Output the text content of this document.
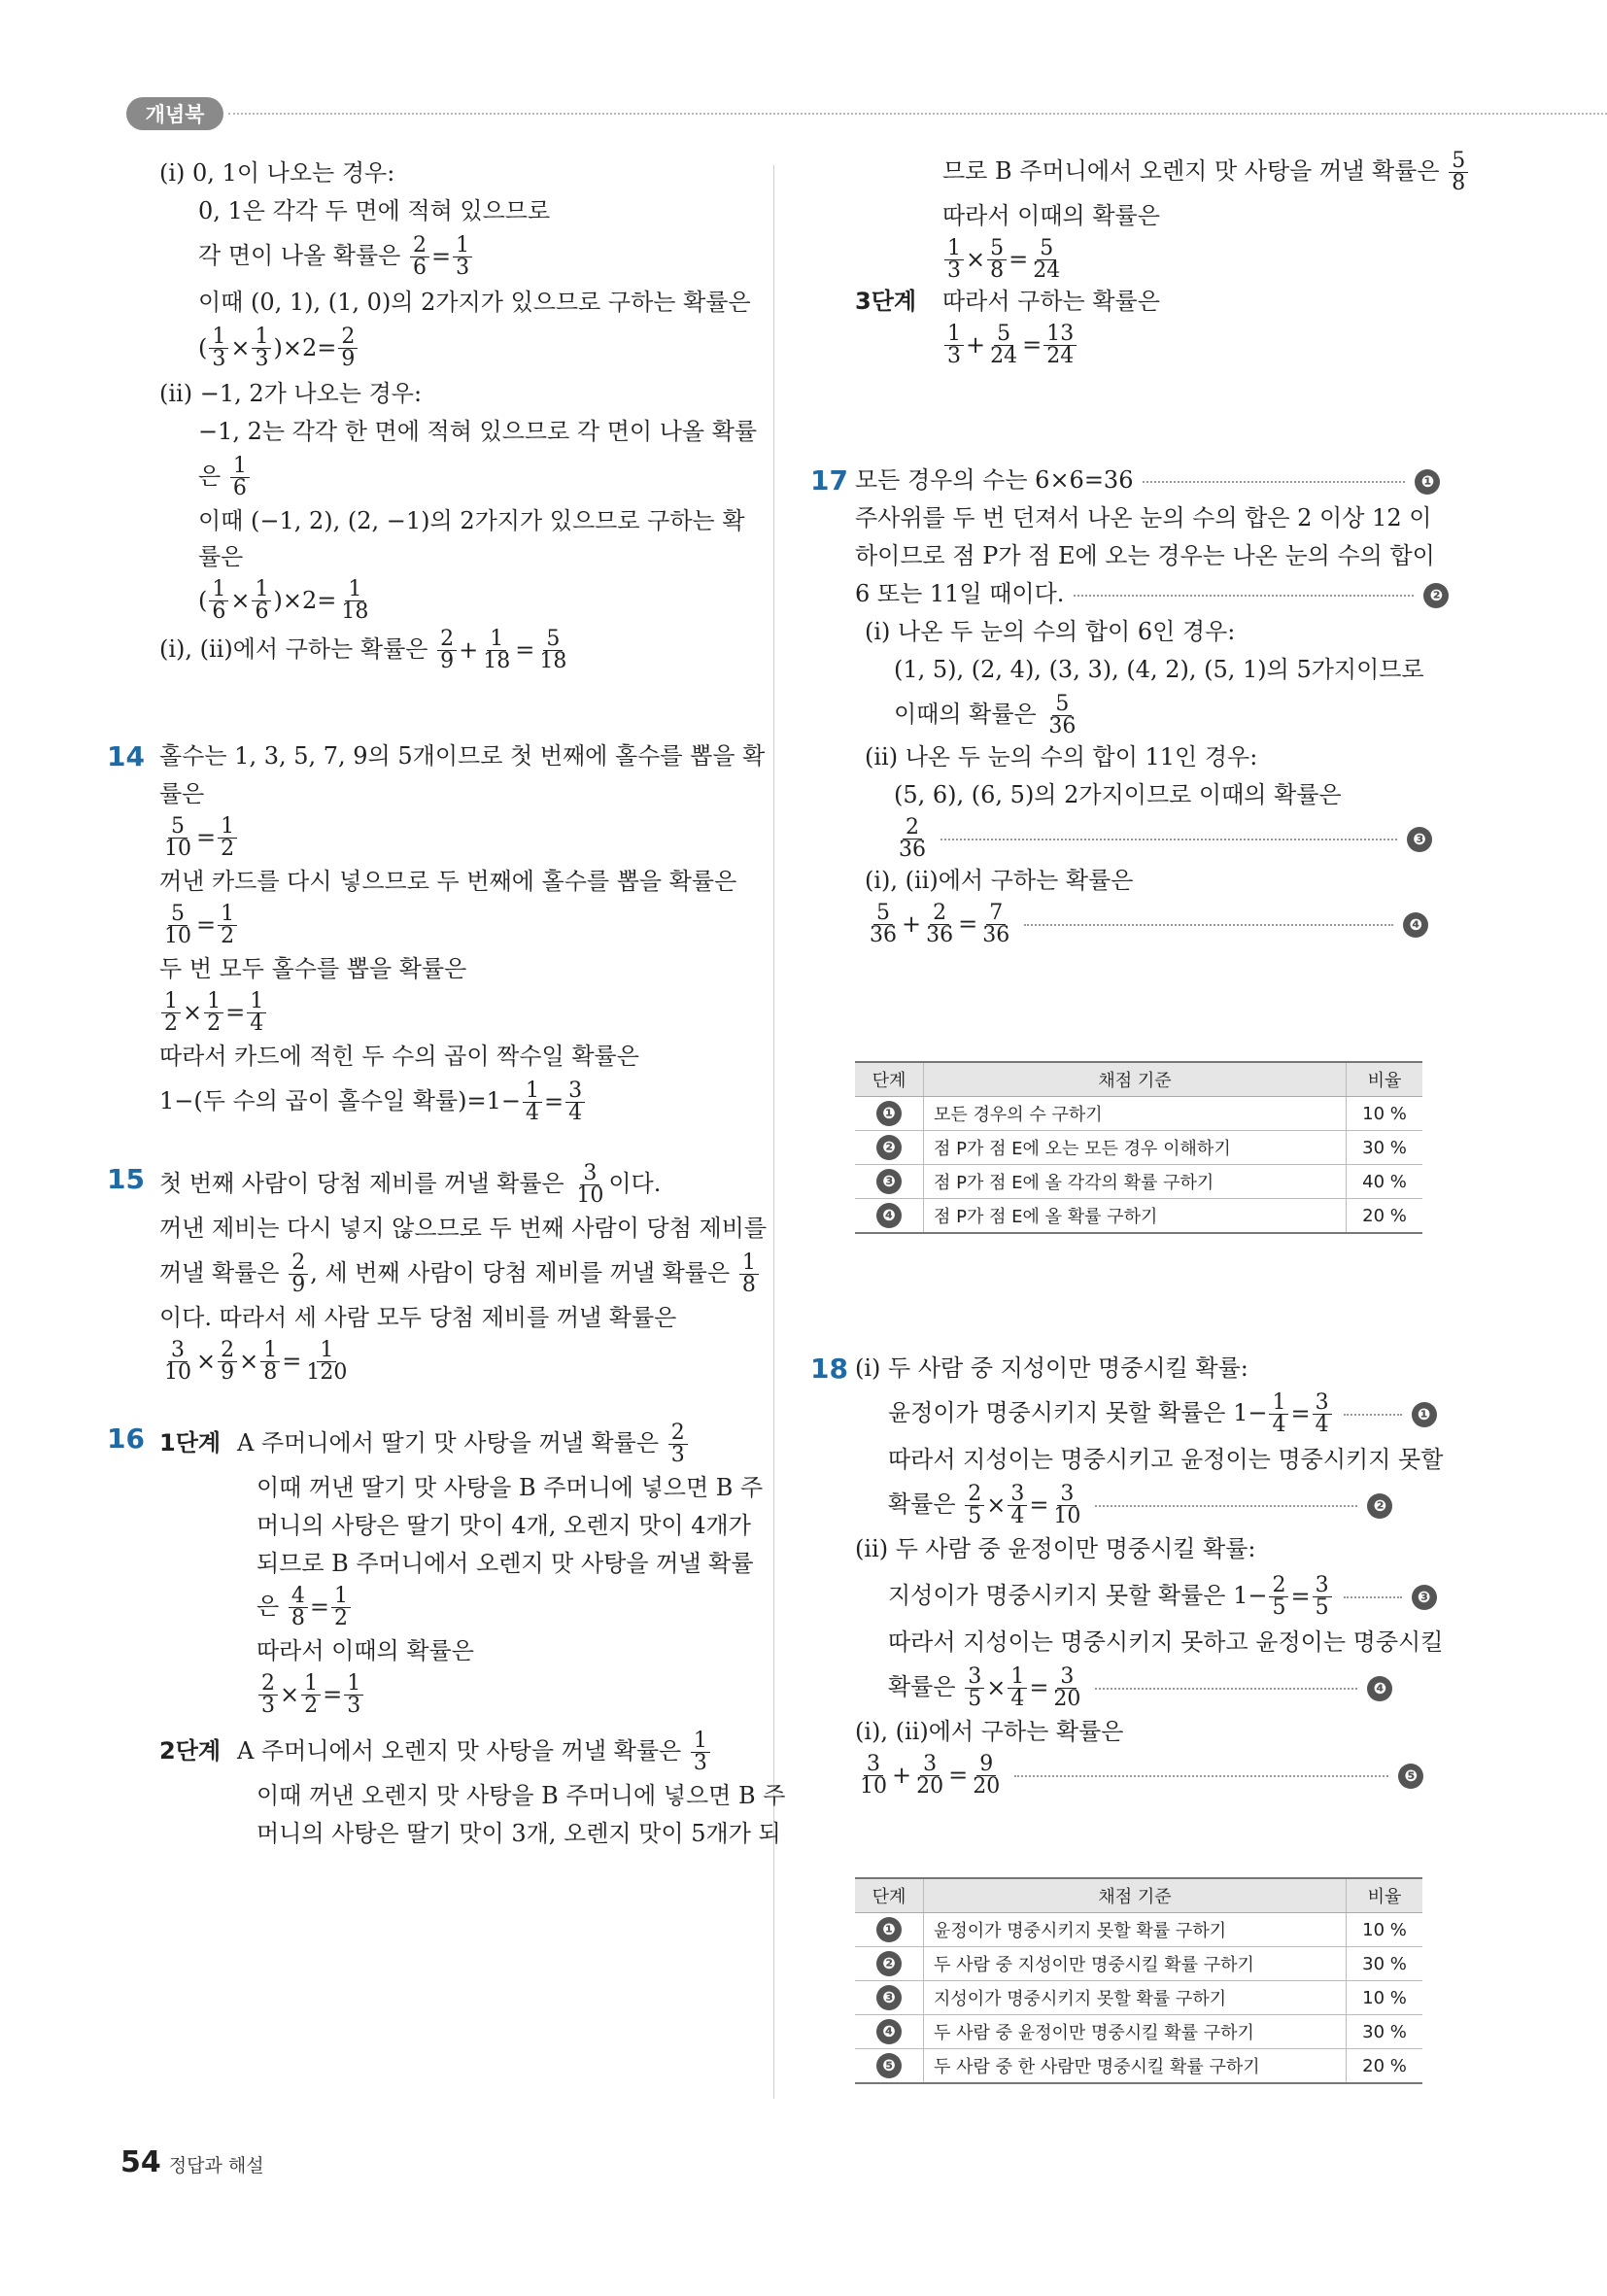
개념북
(ⅰ) 0, 1이 나오는 경우:
0, 1은 각각 두 면에 적혀 있으므로
각 면이 나올 확률은 $\frac{2}{6} = \frac{1}{3}$
이때 (0, 1), (1, 0)의 2가지가 있으므로 구하는 확률은
( $\frac{1}{3} \times \frac{1}{3} )\times 2= \frac{2}{9}$
(ⅱ) −1, 2가 나오는 경우:
−1, 2는 각각 한 면에 적혀 있으므로 각 면이 나올 확률
은 $\frac{1}{6}$
이때 (−1, 2), (2, −1)의 2가지가 있으므로 구하는 확
률은
( $\frac{1}{6} \times \frac{1}{6} )\times 2= \frac{1}{18}$
(ⅰ), (ⅱ)에서 구하는 확률은 $\frac{2}{9} + \frac{1}{18} = \frac{5}{18}$
14 홀수는 1, 3, 5, 7, 9의 5개이므로 첫 번째에 홀수를 뽑을 확
률은
$\frac{5}{10} = \frac{1}{2}$
꺼낸 카드를 다시 넣으므로 두 번째에 홀수를 뽑을 확률은
$\frac{5}{10} = \frac{1}{2}$
두 번 모두 홀수를 뽑을 확률은
$\frac{1}{2} \times \frac{1}{2} = \frac{1}{4}$
따라서 카드에 적힌 두 수의 곱이 짝수일 확률은
1−(두 수의 곱이 홀수일 확률)$=1- \frac{1}{4} = \frac{3}{4}$
15 첫 번째 사람이 당첨 제비를 꺼낼 확률은 $\frac{3}{10}$ 이다.
꺼낸 제비는 다시 넣지 않으므로 두 번째 사람이 당첨 제비를
꺼낼 확률은 $\frac{2}{9}$ , 세 번째 사람이 당첨 제비를 꺼낼 확률은 $\frac{1}{8}$
이다. 따라서 세 사람 모두 당첨 제비를 꺼낼 확률은
$\frac{3}{10} \times \frac{2}{9} \times \frac{1}{8} = \frac{1}{120}$
16 1단계 A 주머니에서 딸기 맛 사탕을 꺼낼 확률은 $\frac{2}{3}$
이때 꺼낸 딸기 맛 사탕을 B 주머니에 넣으면 B 주
머니의 사탕은 딸기 맛이 4개, 오렌지 맛이 4개가
되므로 B 주머니에서 오렌지 맛 사탕을 꺼낼 확률
은 $\frac{4}{8} = \frac{1}{2}$
따라서 이때의 확률은
$\frac{2}{3} \times \frac{1}{2} = \frac{1}{3}$
2단계 A 주머니에서 오렌지 맛 사탕을 꺼낼 확률은 $\frac{1}{3}$
이때 꺼낸 오렌지 맛 사탕을 B 주머니에 넣으면 B 주
머니의 사탕은 딸기 맛이 3개, 오렌지 맛이 5개가 되
므로 B 주머니에서 오렌지 맛 사탕을 꺼낼 확률은 $\frac{5}{8}$
따라서 이때의 확률은
$\frac{1}{3} \times \frac{5}{8} = \frac{5}{24}$
3단계 따라서 구하는 확률은
$\frac{1}{3} + \frac{5}{24} = \frac{13}{24}$
17 모든 경우의 수는 6×6=36	❶
주사위를 두 번 던져서 나온 눈의 수의 합은 2 이상 12 이
하이므로 점 P가 점 E에 오는 경우는 나온 눈의 수의 합이
6 또는 11일 때이다.	❷
(ⅰ) 나온 두 눈의 수의 합이 6인 경우:
(1, 5), (2, 4), (3, 3), (4, 2), (5, 1)의 5가지이므로
이때의 확률은 $\frac{5}{36}$
(ⅱ) 나온 두 눈의 수의 합이 11인 경우:
(5, 6), (6, 5)의 2가지이므로 이때의 확률은
$\frac{2}{36}$	❸
(ⅰ), (ⅱ)에서 구하는 확률은
$\frac{5}{36} + \frac{2}{36} = \frac{7}{36}$	❹
단계	채점 기준	비율
❶	모든 경우의 수 구하기	10 %
❷	점 P가 점 E에 오는 모든 경우 이해하기	30 %
❸	점 P가 점 E에 올 각각의 확률 구하기	40 %
❹	점 P가 점 E에 올 확률 구하기	20 %
18 (ⅰ) 두 사람 중 지성이만 명중시킬 확률:
윤정이가 명중시키지 못할 확률은 $1- \frac{1}{4} = \frac{3}{4}$	❶
따라서 지성이는 명중시키고 윤정이는 명중시키지 못할
확률은 $\frac{2}{5} \times \frac{3}{4} = \frac{3}{10}$	❷
(ⅱ) 두 사람 중 윤정이만 명중시킬 확률:
지성이가 명중시키지 못할 확률은 $1- \frac{2}{5} = \frac{3}{5}$	❸
따라서 지성이는 명중시키지 못하고 윤정이는 명중시킬
확률은 $\frac{3}{5} \times \frac{1}{4} = \frac{3}{20}$	❹
(ⅰ), (ⅱ)에서 구하는 확률은
$\frac{3}{10} + \frac{3}{20} = \frac{9}{20}$	❺
단계	채점 기준	비율
❶	윤정이가 명중시키지 못할 확률 구하기	10 %
❷	두 사람 중 지성이만 명중시킬 확률 구하기	30 %
❸	지성이가 명중시키지 못할 확률 구하기	10 %
❹	두 사람 중 윤정이만 명중시킬 확률 구하기	30 %
❺	두 사람 중 한 사람만 명중시킬 확률 구하기	20 %
54 정답과 해설
